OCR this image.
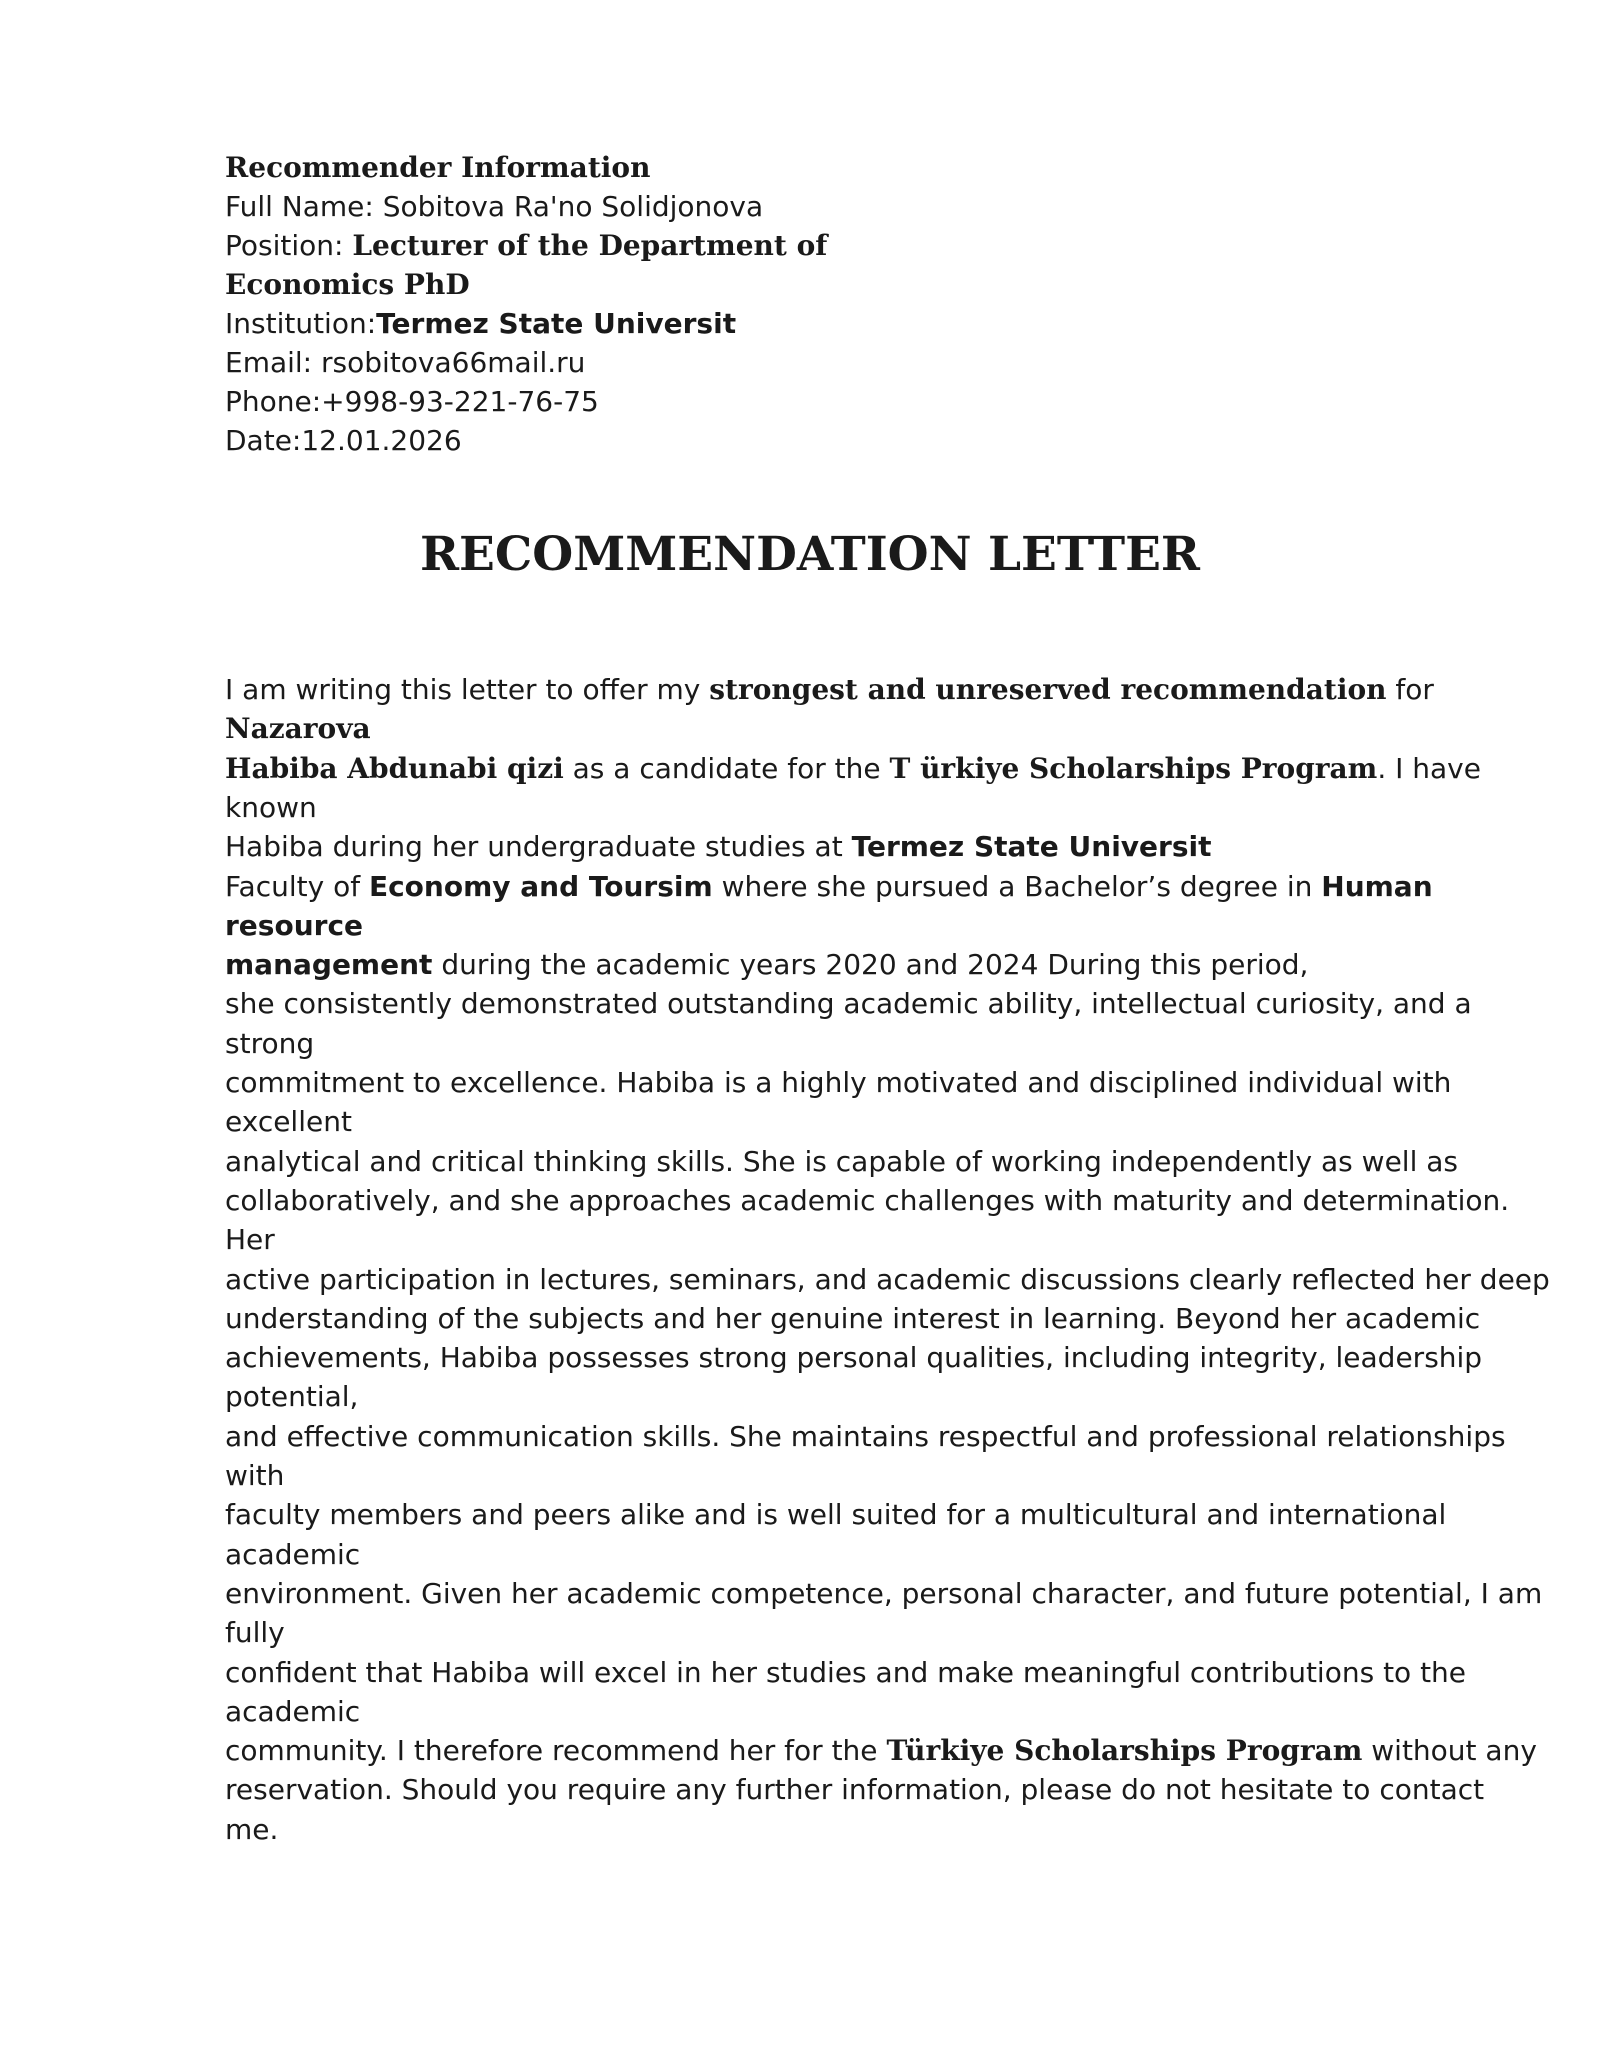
Recommender Information
Full Name: Sobitova Ra'no Solidjonova
Position: Lecturer of the Department of
Economics PhD
Institution:Termez State Universit
Email: rsobitova66mail.ru
Phone:+998-93-221-76-75
Date:12.01.2026
RECOMMENDATION LETTER
I am writing this letter to offer my strongest and unreserved recommendation for
Nazarova
Habiba Abdunabi qizi as a candidate for the T ürkiye Scholarships Program. I have
known
Habiba during her undergraduate studies at Termez State Universit
Faculty of Economy and Toursim where she pursued a Bachelor’s degree in Human
resource
management during the academic years 2020 and 2024 During this period,
she consistently demonstrated outstanding academic ability, intellectual curiosity, and a
strong
commitment to excellence. Habiba is a highly motivated and disciplined individual with
excellent
analytical and critical thinking skills. She is capable of working independently as well as
collaboratively, and she approaches academic challenges with maturity and determination.
Her
active participation in lectures, seminars, and academic discussions clearly reflected her deep
understanding of the subjects and her genuine interest in learning. Beyond her academic
achievements, Habiba possesses strong personal qualities, including integrity, leadership
potential,
and effective communication skills. She maintains respectful and professional relationships
with
faculty members and peers alike and is well suited for a multicultural and international
academic
environment. Given her academic competence, personal character, and future potential, I am
fully
confident that Habiba will excel in her studies and make meaningful contributions to the
academic
community. I therefore recommend her for the Türkiye Scholarships Program without any
reservation. Should you require any further information, please do not hesitate to contact
me.
